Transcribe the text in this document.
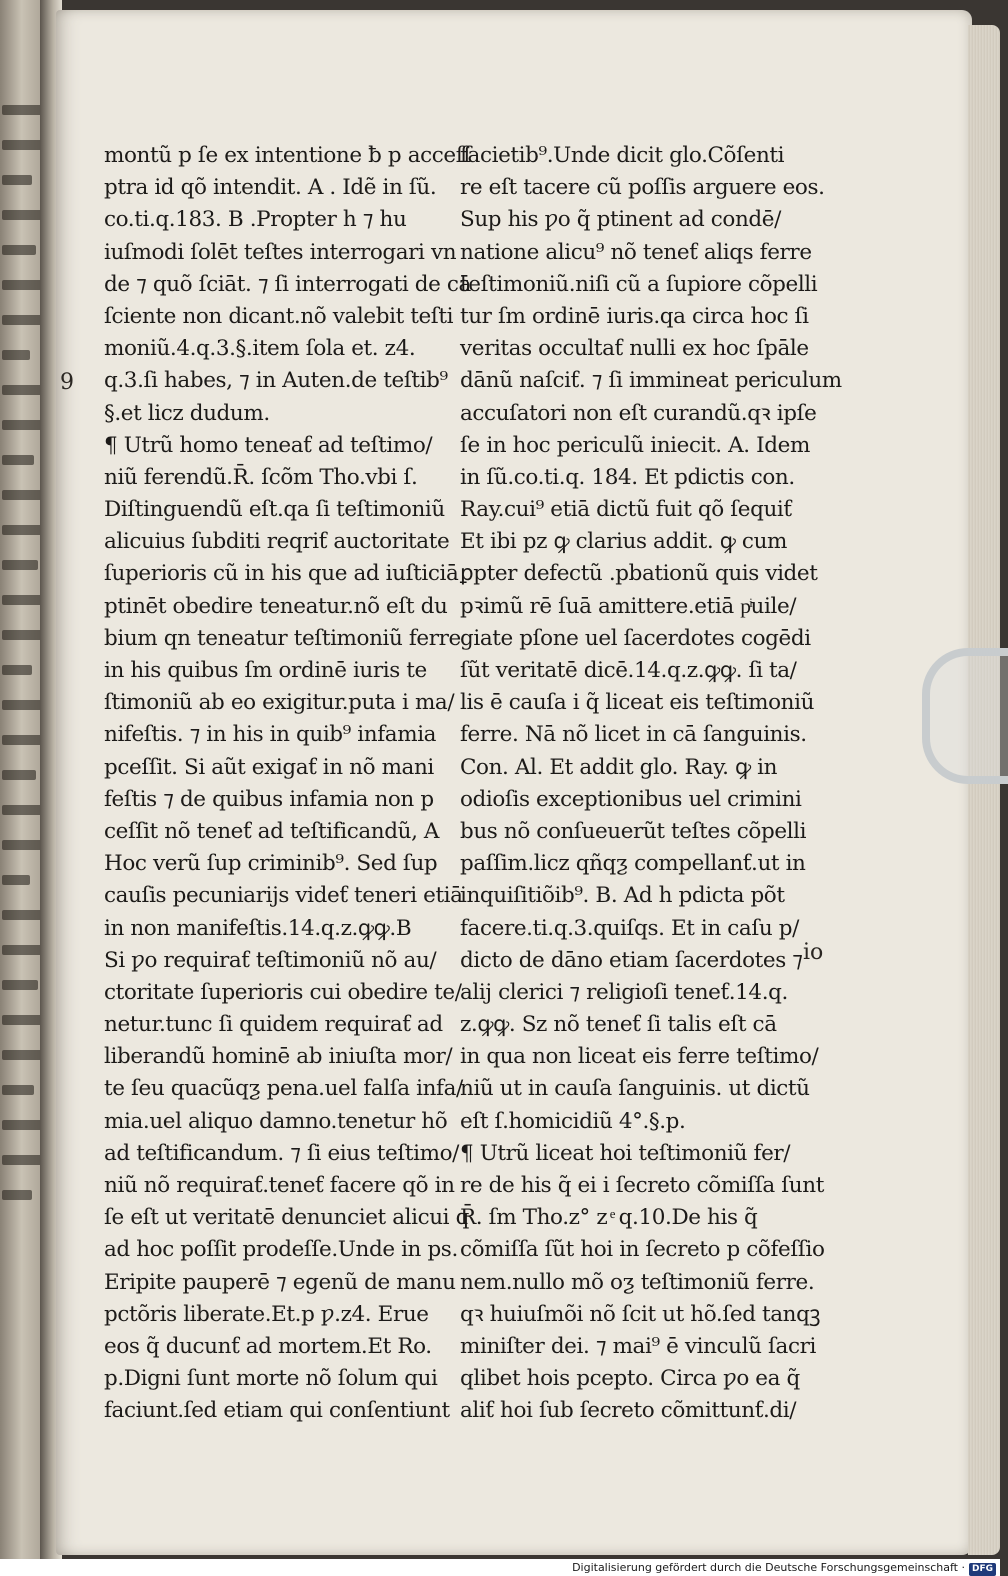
montũ p ſe ex intentione ƀ p acceſſ
ptra id qõ intendit. A . Idẽ in ſũ.
co.ti.q.183. B .Propter h ⁊ hu
iuſmodi ſolēt teſtes interrogari vn
de ⁊ quõ ſciāt. ⁊ ſi interrogati de cā
ſciente non dicant.nõ valebit teſti
moniũ.4.q.3.§.item ſola et. z4.
q.3.ſi habes, ⁊ in Auten.de teſtib⁹
§.et licz dudum.
¶ Utrũ homo teneaƭ ad teſtimo/
niũ ferendũ.R̄. ſcõm Tho.vbi ſ.
Diſtinguendũ eſt.qa ſi teſtimoniũ
alicuius ſubditi reqriƭ auctoritate
ſuperioris cũ in his que ad iuſticiā
ptinēt obedire teneatur.nõ eſt du
bium qn teneatur teſtimoniũ ferre
in his quibus ſm ordinē iuris te
ſtimoniũ ab eo exigitur.puta i ma/
nifeſtis. ⁊ in his in quib⁹ infamia
pceſſit. Si aũt exigaƭ in nõ mani
feſtis ⁊ de quibus infamia non p
ceſſit nõ teneƭ ad teſtificandũ, A
Hoc verũ ſup criminib⁹. Sed ſup
cauſis pecuniarijs videƭ teneri etiā
in non manifeſtis.14.q.z.ꝙꝙ.B
Si ƿo requiraƭ teſtimoniũ nõ au/
ctoritate ſuperioris cui obedire te/
netur.tunc ſi quidem requiraƭ ad
liberandũ hominē ab iniuſta mor/
te ſeu quacũqƺ pena.uel falſa infa/
mia.uel aliquo damno.tenetur hõ
ad teſtificandum. ⁊ ſi eius teſtimo/
niũ nõ requiraƭ.teneƭ facere qõ in
ſe eſt ut veritatē denunciet alicui q
ad hoc poſſit prodeſſe.Unde in ps.
Eripite pauperē ⁊ egenũ de manu
pctõris liberate.Et.p ƿ.z4. Erue
eos q̃ ducunƭ ad mortem.Et Ro.
p.Digni ſunt morte nõ ſolum qui
faciunt.ſed etiam qui conſentiunt
facietib⁹.Unde dicit glo.Cõſenti
re eſt tacere cũ poſſis arguere eos.
Sup his ƿo q̃ ptinent ad condē/
natione alicu⁹ nõ teneƭ aliqs ferre
teſtimoniũ.niſi cũ a ſupiore cõpelli
tur ſm ordinē iuris.qa circa hoc ſi
veritas occultaƭ nulli ex hoc ſpāle
dānũ naſciƭ. ⁊ ſi immineat periculum
accuſatori non eſt curandũ.qꝛ ipſe
ſe in hoc periculũ iniecit. A. Idem
in ſũ.co.ti.q. 184. Et pdictis con.
Ray.cui⁹ etiā dictũ fuit qõ ſequiƭ
Et ibi pz ꝙ clarius addit. ꝙ cum
ꝑpter defectũ .pbationũ quis videt
pꝛimũ rē ſuā amittere.etiā pͥuile/
giate pſone uel ſacerdotes cogēdi
ſũt veritatē dicē.14.q.z.ꝙꝙ. ſi ta/
lis ē cauſa i q̃ liceat eis teſtimoniũ
ferre. Nā nõ licet in cā ſanguinis.
Con. Al. Et addit glo. Ray. ꝙ in
odioſis exceptionibus uel crimini
bus nõ conſueuerũt teſtes cõpelli
paſſim.licz qñqƺ compellanƭ.ut in
inquiſitiõib⁹. B. Ad h pdicta põt
facere.ti.q.3.quiſqs. Et in caſu p/
dicto de dāno etiam ſacerdotes ⁊
alij clerici ⁊ religioſi teneƭ.14.q.
z.ꝙꝙ. Sz nõ teneƭ ſi talis eſt cā
in qua non liceat eis ferre teſtimo/
niũ ut in cauſa ſanguinis. ut dictũ
eſt ſ.homicidiũ 4°.§.p.
¶ Utrũ liceat hoi teſtimoniũ fer/
re de his q̃ ei i ſecreto cõmiſſa ſunt
R̄. ſm Tho.z° z ͤ q.10.De his q̃
cõmiſſa ſũt hoi in ſecreto p cõfeſſio
nem.nullo mõ oƺ teſtimoniũ ferre.
qꝛ huiuſmõi nõ ſcit ut hõ.ſed tanqꝫ
miniſter dei. ⁊ mai⁹ ē vinculũ ſacri
qlibet hois pcepto. Circa ƿo ea q̃
aliƭ hoi ſub ſecreto cõmittunƭ.di/
9
io
Digitalisierung gefördert durch die Deutsche Forschungsgemeinschaft · DFG
